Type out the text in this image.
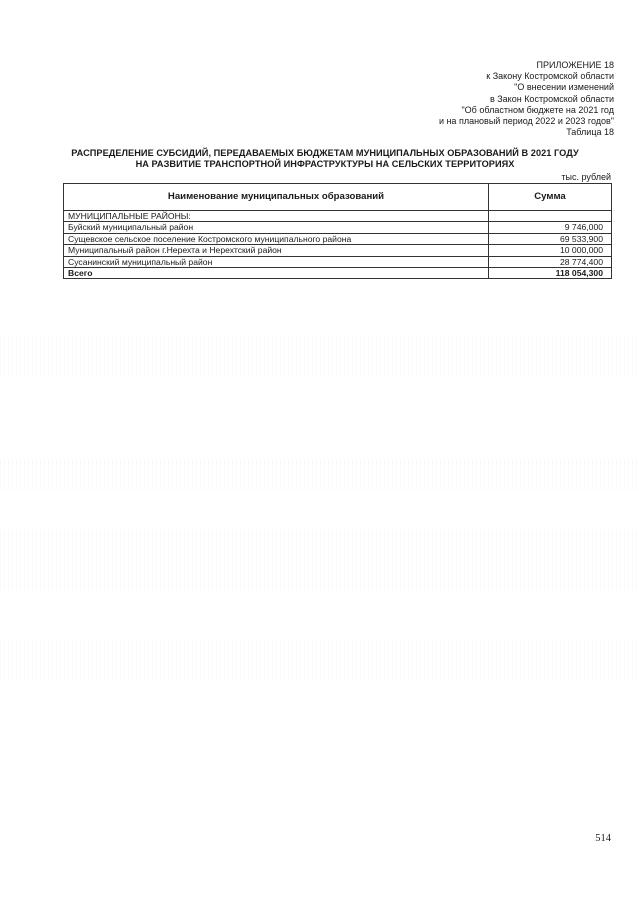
ПРИЛОЖЕНИЕ 18
к Закону Костромской области
"О внесении изменений
в Закон Костромской области
"Об областном бюджете на 2021 год
и на плановый период 2022 и 2023 годов"
Таблица 18
РАСПРЕДЕЛЕНИЕ СУБСИДИЙ, ПЕРЕДАВАЕМЫХ БЮДЖЕТАМ МУНИЦИПАЛЬНЫХ ОБРАЗОВАНИЙ В 2021 ГОДУ
НА РАЗВИТИЕ ТРАНСПОРТНОЙ ИНФРАСТРУКТУРЫ НА СЕЛЬСКИХ ТЕРРИТОРИЯХ
тыс. рублей
Наименование муниципальных образований	Сумма
МУНИЦИПАЛЬНЫЕ РАЙОНЫ:	
Буйский муниципальный район	9 746,000
Сущевское сельское поселение Костромского муниципального района	69 533,900
Муниципальный район г.Нерехта и Нерехтский район	10 000,000
Сусанинский муниципальный район	28 774,400
Всего	118 054,300
514
